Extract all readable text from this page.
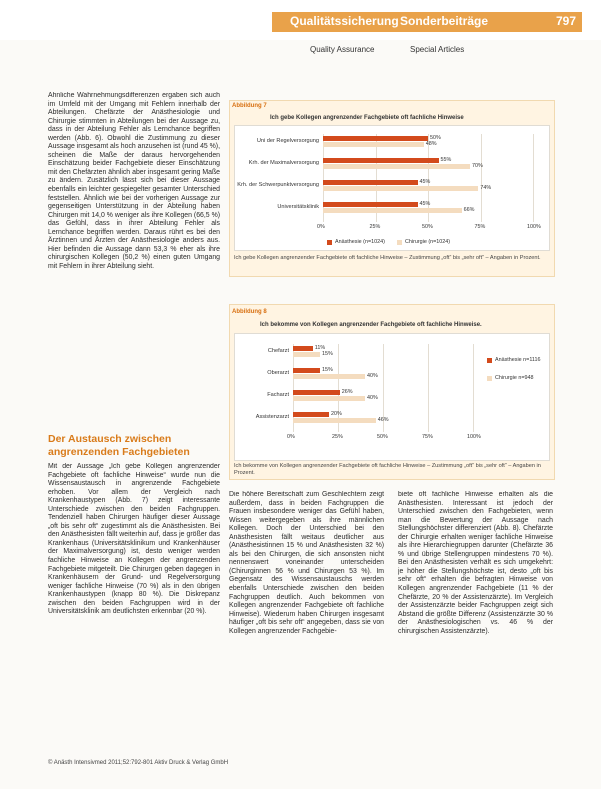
Qualitätssicherung Sonderbeiträge	797
Quality Assurance	Special Articles
Ähnliche Wahrnehmungsdifferenzen ergaben sich auch im Umfeld mit der Umgang mit Fehlern innerhalb der Abteilungen. Chefärzte der Anästhesiologie und Chirurgie stimmten in Abteilungen bei der Aussage zu, dass in der Abteilung Fehler als Lernchance begriffen werden (Abb. 6). Obwohl die Zustimmung zu dieser Aussage insgesamt als hoch anzusehen ist (rund 45 %), scheinen die Maße der daraus hervorgehenden Einschätzung beider Fachgebiete dieser Einschätzung mit den Chefärzten ähnlich aber insgesamt gering Maße zu ändern. Zusätzlich lässt sich bei dieser Aussage ebenfalls ein leichter gespiegelter gesamter Unterschied feststellen. Ähnlich wie bei der vorherigen Aussage zur gegenseitigen Unterstützung in der Abteilung haben Chirurgen mit 14,0 % weniger als ihre Kollegen (66,5 %) das Gefühl, dass in ihrer Abteilung Fehler als Lernchance begriffen werden. Daraus rührt es bei den Ärztinnen und Ärzten der Anästhesiologie anders aus. Hier befinden die Aussage dann 53,3 % eher als ihre chirurgischen Kollegen (50,2 %) einen guten Umgang mit Fehlern in ihrer Abteilung sieht.
Der Austausch zwischen angrenzenden Fachgebieten
Mit der Aussage „Ich gebe Kollegen angrenzender Fachgebiete oft fachliche Hinweise“ wurde nun die Wissensaustausch in angrenzende Fachgebiete erhoben. Vor allem der Vergleich nach Krankenhaustypen (Abb. 7) zeigt interessante Unterschiede zwischen den beiden Fachgruppen. Tendenziell haben Chirurgen häufiger dieser Aussage „oft bis sehr oft“ zugestimmt als die Anästhesisten. Bei den Anästhesisten fällt weiterhin auf, dass je größer das Krankenhaus (Universitätsklinikum und Krankenhäuser der Maximalversorgung) ist, desto weniger werden fachliche Hinweise an Kollegen der angrenzenden Fachgebiete mitgeteilt. Die Chirurgen geben dagegen in Krankenhäusern der Grund- und Regelversorgung weniger fachliche Hinweise (70 %) als in den übrigen Krankenhaustypen (knapp 80 %). Die Diskrepanz zwischen den beiden Fachgruppen wird in der Universitätsklinik am deutlichsten erkennbar (20 %).
Abbildung 7
Ich gebe Kollegen angrenzender Fachgebiete oft fachliche Hinweise
0%	25%	50%	75%	100%
Uni der Regelversorgung	50%
48%
Krh. der Maximalversorgung	55%
70%
Krh. der Schwerpunktversorgung	45%
74%
Universitätsklinik	45%
66%
Anästhesie (n=1024)	Chirurgie (n=1024)
Ich gebe Kollegen angrenzender Fachgebiete oft fachliche Hinweise – Zustimmung „oft“ bis „sehr oft“ – Angaben in Prozent.
Abbildung 8
Ich bekomme von Kollegen angrenzender Fachgebiete oft fachliche Hinweise.
0%	25%	50%	75%	100%
Chefarzt	11%
15%
Oberarzt	15%
40%
Facharzt	26%
40%
Assistenzarzt	20%
46%
Anästhesie n=1116
Chirurgie n=948
Ich bekomme von Kollegen angrenzender Fachgebiete oft fachliche Hinweise – Zustimmung „oft“ bis „sehr oft“ – Angaben in Prozent.
Die höhere Bereitschaft zum Geschlechtern zeigt außerdem, dass in beiden Fachgruppen die Frauen insbesondere weniger das Gefühl haben, Wissen weitergegeben als ihre männlichen Kollegen. Doch der Unterschied bei den Anästhesisten fällt weitaus deutlicher aus (Anästhesistinnen 15 % und Anästhesisten 32 %) als bei den Chirurgen, die sich ansonsten nicht nennenswert voneinander unterscheiden (Chirurginnen 56 % und Chirurgen 53 %). Im Gegensatz des Wissensaustauschs werden ebenfalls Unterschiede zwischen den beiden Fachgruppen deutlich. Auch bekommen von Kollegen angrenzender Fachgebiete oft fachliche Hinweise). Wiederum haben Chirurgen insgesamt häufiger „oft bis sehr oft“ angegeben, dass sie von Kollegen angrenzender Fachgebie-
biete oft fachliche Hinweise erhalten als die Anästhesisten. Interessant ist jedoch der Unterschied zwischen den Fachgebieten, wenn man die Bewertung der Aussage nach Stellungshöchster differenziert (Abb. 8). Chefärzte der Chirurgie erhalten weniger fachliche Hinweise als ihre Hierarchiegruppen darunter (Chefärzte 36 % und übrige Stellengruppen mindestens 70 %). Bei den Anästhesisten verhält es sich umgekehrt: je höher die Stellungshöchste ist, desto „oft bis sehr oft“ erhalten die befragten Hinweise von Kollegen angrenzender Fachgebiete (11 % der Chefärzte, 20 % der Assistenzärzte). Im Vergleich der Assistenzärzte beider Fachgruppen zeigt sich Abstand die größte Differenz (Assistenzärzte 30 % der Anästhesiologischen vs. 46 % der chirurgischen Assistenzärzte).
© Anästh Intensivmed 2011;52:792-801 Aktiv Druck & Verlag GmbH
